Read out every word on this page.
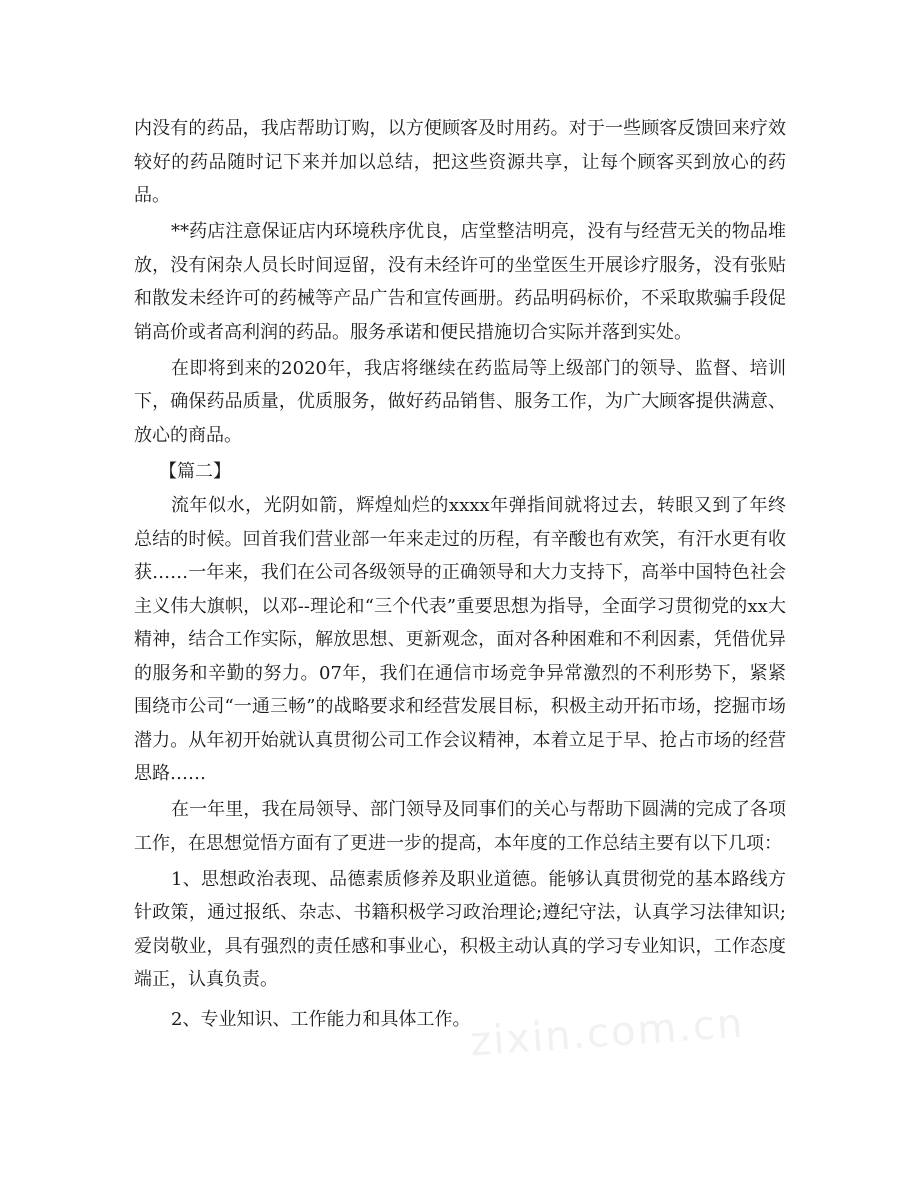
内没有的药品，我店帮助订购，以方便顾客及时用药。对于一些顾客反馈回来疗效较好的药品随时记下来并加以总结，把这些资源共享，让每个顾客买到放心的药品。

**药店注意保证店内环境秩序优良，店堂整洁明亮，没有与经营无关的物品堆放，没有闲杂人员长时间逗留，没有未经许可的坐堂医生开展诊疗服务，没有张贴和散发未经许可的药械等产品广告和宣传画册。药品明码标价，不采取欺骗手段促销高价或者高利润的药品。服务承诺和便民措施切合实际并落到实处。

在即将到来的2020年，我店将继续在药监局等上级部门的领导、监督、培训下，确保药品质量，优质服务，做好药品销售、服务工作，为广大顾客提供满意、放心的商品。

【篇二】

流年似水，光阴如箭，辉煌灿烂的xxxx年弹指间就将过去，转眼又到了年终总结的时候。回首我们营业部一年来走过的历程，有辛酸也有欢笑，有汗水更有收获……一年来，我们在公司各级领导的正确领导和大力支持下，高举中国特色社会主义伟大旗帜，以邓--理论和“三个代表”重要思想为指导，全面学习贯彻党的xx大精神，结合工作实际，解放思想、更新观念，面对各种困难和不利因素，凭借优异的服务和辛勤的努力。07年，我们在通信市场竞争异常激烈的不利形势下，紧紧围绕市公司“一通三畅”的战略要求和经营发展目标，积极主动开拓市场，挖掘市场潜力。从年初开始就认真贯彻公司工作会议精神，本着立足于早、抢占市场的经营思路……

在一年里，我在局领导、部门领导及同事们的关心与帮助下圆满的完成了各项工作，在思想觉悟方面有了更进一步的提高，本年度的工作总结主要有以下几项：

1、思想政治表现、品德素质修养及职业道德。能够认真贯彻党的基本路线方针政策，通过报纸、杂志、书籍积极学习政治理论;遵纪守法，认真学习法律知识;爱岗敬业，具有强烈的责任感和事业心，积极主动认真的学习专业知识，工作态度端正，认真负责。

2、专业知识、工作能力和具体工作。

zixin.com.cn
